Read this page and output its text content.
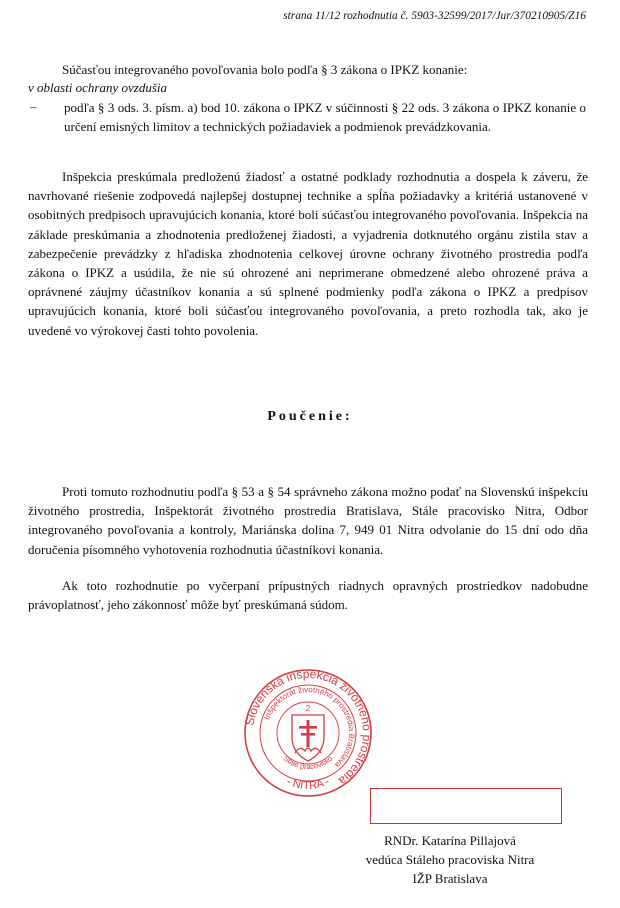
strana 11/12 rozhodnutia č. 5903-32599/2017/Jur/370210905/Z16
Súčasťou integrovaného povoľovania bolo podľa § 3 zákona o IPKZ konanie:
v oblasti ochrany ovzdušia
– podľa § 3 ods. 3. písm. a) bod 10. zákona o IPKZ v súčinnosti § 22 ods. 3 zákona o IPKZ konanie o určení emisných limitov a technických požiadaviek a podmienok prevádzkovania.
Inšpekcia preskúmala predloženú žiadosť a ostatné podklady rozhodnutia a dospela k záveru, že navrhované riešenie zodpovedá najlepšej dostupnej technike a spĺňa požiadavky a kritériá ustanovené v osobitných predpisoch upravujúcich konania, ktoré boli súčasťou integrovaného povoľovania. Inšpekcia na základe preskúmania a zhodnotenia predloženej žiadosti, a vyjadrenia dotknutého orgánu zistila stav a zabezpečenie prevádzky z hľadiska zhodnotenia celkovej úrovne ochrany životného prostredia podľa zákona o IPKZ a usúdila, že nie sú ohrozené ani neprimerane obmedzené alebo ohrozené práva a oprávnené záujmy účastníkov konania a sú splnené podmienky podľa zákona o IPKZ a predpisov upravujúcich konania, ktoré boli súčasťou integrovaného povoľovania, a preto rozhodla tak, ako je uvedené vo výrokovej časti tohto povolenia.
Poučenie:
Proti tomuto rozhodnutiu podľa § 53 a § 54 správneho zákona možno podať na Slovenskú inšpekciu životného prostredia, Inšpektorát životného prostredia Bratislava, Stále pracovisko Nitra, Odbor integrovaného povoľovania a kontroly, Mariánska dolina 7, 949 01 Nitra odvolanie do 15 dní odo dňa doručenia písomného vyhotovenia rozhodnutia účastníkovi konania.
Ak toto rozhodnutie po vyčerpaní prípustných riadnych opravných prostriedkov nadobudne právoplatnosť, jeho zákonnosť môže byť preskúmaná súdom.
Slovenská inšpekcia životného prostredia
Inšpektorát životného prostredia Bratislava
Stále pracovisko
- NITRA -
2
RNDr. Katarína Pillajová
vedúca Stáleho pracoviska Nitra
IŽP Bratislava
